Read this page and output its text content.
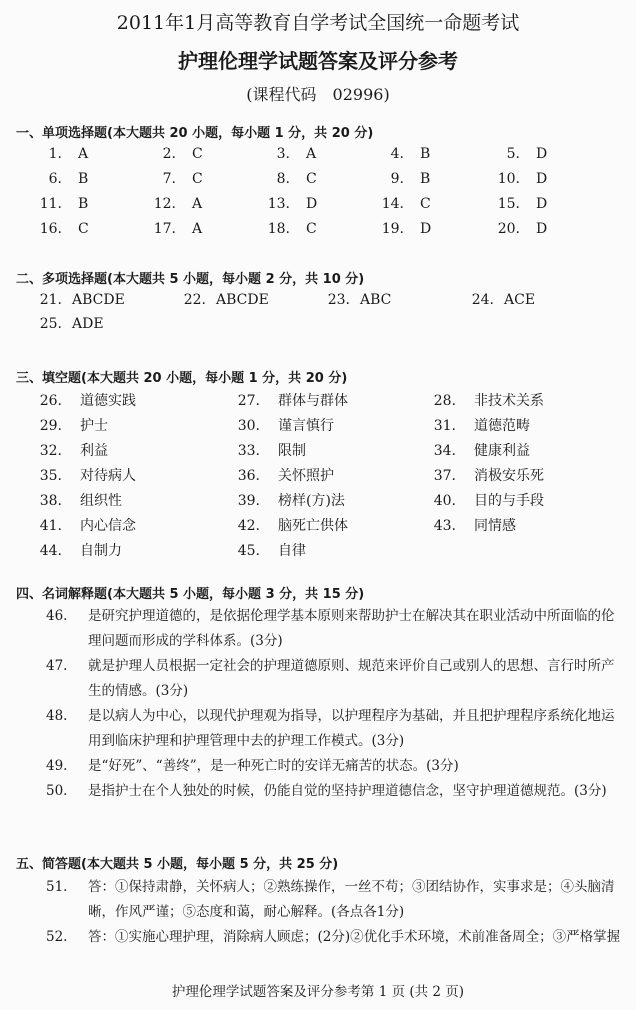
2011年1月高等教育自学考试全国统一命题考试
护理伦理学试题答案及评分参考
(课程代码　02996)
一、单项选择题(本大题共 20 小题，每小题 1 分，共 20 分)
1. A	2. C	3. A	4. B	5. D
6. B	7. C	8. C	9. B	10. D
11. B	12. A	13. D	14. C	15. D
16. C	17. A	18. C	19. D	20. D
二、多项选择题(本大题共 5 小题，每小题 2 分，共 10 分)
21. ABCDE	22. ABCDE	23. ABC	24. ACE
25. ADE
三、填空题(本大题共 20 小题，每小题 1 分，共 20 分)
26. 道德实践	27. 群体与群体	28. 非技术关系
29. 护士	30. 谨言慎行	31. 道德范畴
32. 利益	33. 限制	34. 健康利益
35. 对待病人	36. 关怀照护	37. 消极安乐死
38. 组织性	39. 榜样(方)法	40. 目的与手段
41. 内心信念	42. 脑死亡供体	43. 同情感
44. 自制力	45. 自律
四、名词解释题(本大题共 5 小题，每小题 3 分，共 15 分)
46.	是研究护理道德的，是依据伦理学基本原则来帮助护士在解决其在职业活动中所面临的伦理问题而形成的学科体系。(3分)
47.	就是护理人员根据一定社会的护理道德原则、规范来评价自己或别人的思想、言行时所产生的情感。(3分)
48.	是以病人为中心，以现代护理观为指导，以护理程序为基础，并且把护理程序系统化地运用到临床护理和护理管理中去的护理工作模式。(3分)
49.	是“好死”、“善终”，是一种死亡时的安详无痛苦的状态。(3分)
50.	是指护士在个人独处的时候，仍能自觉的坚持护理道德信念，坚守护理道德规范。(3分)
五、简答题(本大题共 5 小题，每小题 5 分，共 25 分)
51.	答：①保持肃静，关怀病人；②熟练操作，一丝不苟；③团结协作，实事求是；④头脑清晰，作风严谨；⑤态度和蔼，耐心解释。(各点各1分)
52.	答：①实施心理护理，消除病人顾虑；(2分)②优化手术环境，术前准备周全；③严格掌握
护理伦理学试题答案及评分参考第 1 页 (共 2 页)
